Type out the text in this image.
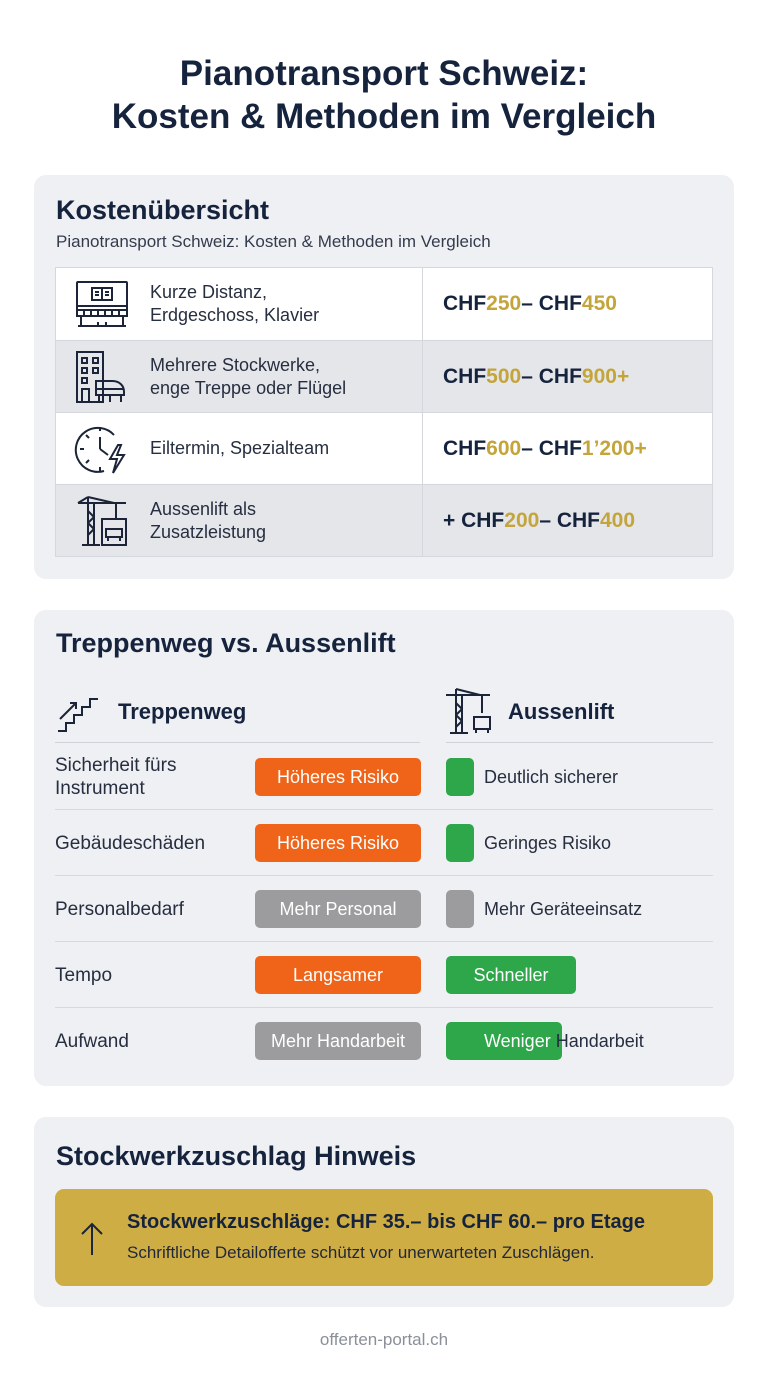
Pianotransport Schweiz:
Kosten & Methoden im Vergleich
Kostenübersicht
Pianotransport Schweiz: Kosten & Methoden im Vergleich
Kurze Distanz,
Erdgeschoss, Klavier	CHF 250 – CHF 450
Mehrere Stockwerke,
enge Treppe oder Flügel	CHF 500 – CHF 900+
Eiltermin, Spezialteam	CHF 600 – CHF 1’200+
Aussenlift als
Zusatzleistung	+ CHF 200 – CHF 400
Treppenweg vs. Aussenlift
Treppenweg	Aussenlift
Sicherheit fürs
Instrument
Höheres Risiko	Deutlich sicherer
Gebäudeschäden	Höheres Risiko	Geringes Risiko
Personalbedarf	Mehr Personal	Mehr Geräteeinsatz
Tempo	Langsamer	Schneller
Aufwand	Mehr Handarbeit	Weniger Handarbeit
Stockwerkzuschlag Hinweis
Stockwerkzuschläge: CHF 35.– bis CHF 60.– pro Etage
Schriftliche Detailofferte schützt vor unerwarteten Zuschlägen.
offerten-portal.ch
